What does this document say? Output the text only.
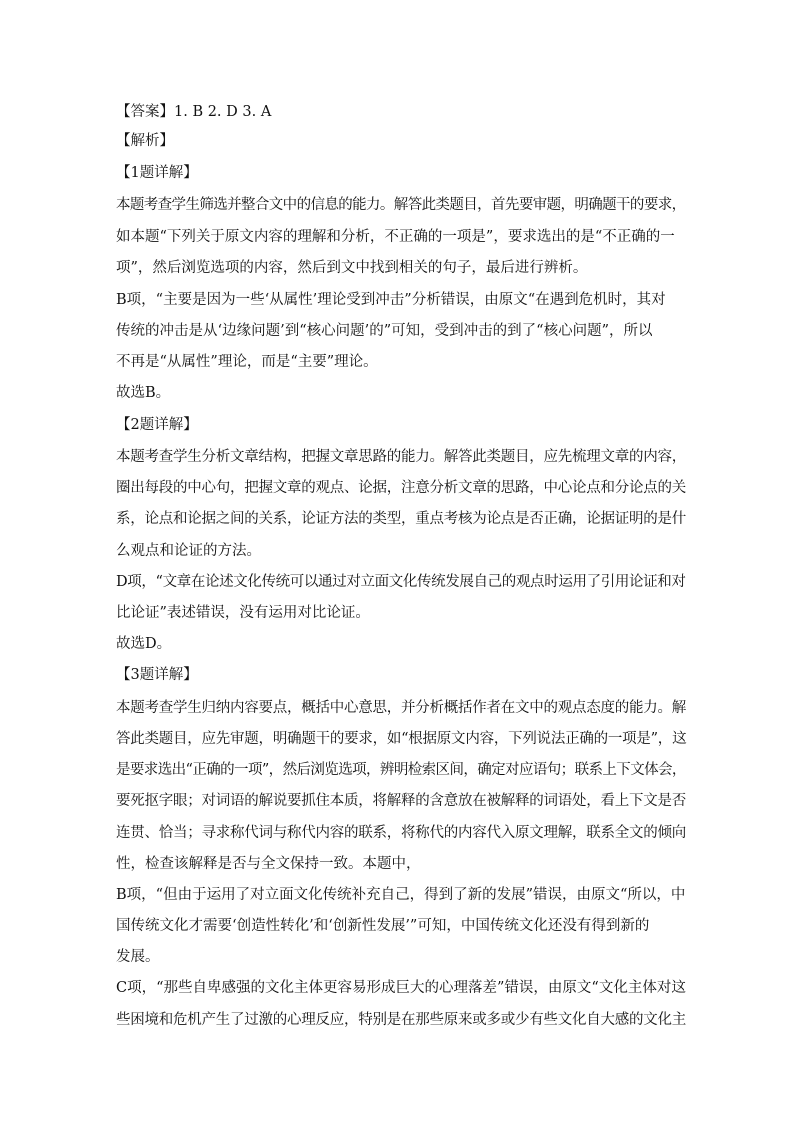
【答案】1. B 2. D 3. A
【解析】
【1题详解】
本题考查学生筛选并整合文中的信息的能力。解答此类题目，首先要审题，明确题干的要求，
如本题“下列关于原文内容的理解和分析，不正确的一项是”，要求选出的是“不正确的一
项”，然后浏览选项的内容，然后到文中找到相关的句子，最后进行辨析。
B项，“主要是因为一些‘从属性’理论受到冲击”分析错误，由原文“在遇到危机时，其对
传统的冲击是从‘边缘问题’到“核心问题’的”可知，受到冲击的到了“核心问题”，所以
不再是“从属性”理论，而是“主要”理论。
故选B。
【2题详解】
本题考查学生分析文章结构，把握文章思路的能力。解答此类题目，应先梳理文章的内容，
圈出每段的中心句，把握文章的观点、论据，注意分析文章的思路，中心论点和分论点的关
系，论点和论据之间的关系，论证方法的类型，重点考核为论点是否正确，论据证明的是什
么观点和论证的方法。
D项，“文章在论述文化传统可以通过对立面文化传统发展自己的观点时运用了引用论证和对
比论证”表述错误，没有运用对比论证。
故选D。
【3题详解】
本题考查学生归纳内容要点，概括中心意思，并分析概括作者在文中的观点态度的能力。解
答此类题目，应先审题，明确题干的要求，如“根据原文内容，下列说法正确的一项是”，这
是要求选出“正确的一项”，然后浏览选项，辨明检索区间，确定对应语句；联系上下文体会，
要死抠字眼；对词语的解说要抓住本质，将解释的含意放在被解释的词语处，看上下文是否
连贯、恰当；寻求称代词与称代内容的联系，将称代的内容代入原文理解，联系全文的倾向
性，检查该解释是否与全文保持一致。本题中，
B项，“但由于运用了对立面文化传统补充自己，得到了新的发展”错误，由原文“所以，中
国传统文化才需要‘创造性转化’和‘创新性发展’”可知，中国传统文化还没有得到新的
发展。
C项，“那些自卑感强的文化主体更容易形成巨大的心理落差”错误，由原文“文化主体对这
些困境和危机产生了过激的心理反应，特别是在那些原来或多或少有些文化自大感的文化主
